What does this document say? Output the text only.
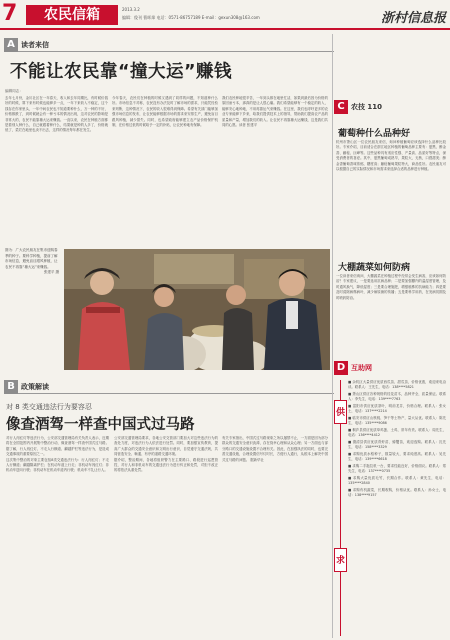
7	农民信箱	2013.3.2
编辑：俊刊 曹晖烽 电话：0571-86757189 E-mail：gexun308@163.com	浙村信息报
A 读者来信
不能让农民靠“撞大运”赚钱
编辑同志：
去年七月份，金川社区在一年春天，收入和去年同期比，有时候价钱好的时候，算下来有时候也能够多一点，一年下来收入不稳定，这个钱存在你家里头，一年中间农民也不知道要种什么，万一种的不好，价格都跌了，到时候就会有一种亏本的情况出现，这对农民的影响是非常大的，农民不能靠撞大运来赚钱。一直以来，农民在种植方面都是看别人种什么，自己就跟着种什么，结果就是种的人多了，价格就低了，菜烂在地里也卖不出去，这样的情况每年都在发生。
今年春天，农民们在种植的时候又遇到了同样的问题，不知道种什么好。市场信息不对称，农民没有办法及时了解市场的需求，只能凭经验来判断，这种情况下，农民的收入很难得到保障。希望有关部门能够加强市场信息的发布，让农民能够根据市场的需求来安排生产，避免盲目跟风种植，减少损失。同时，也希望政府能够建立农产品价格保护机制，在价格过低的时候给予一定的补贴，让农民种地有保障。
我们农民种地很辛苦，一年到头都在地里忙活，如果到最后因为价格的原因而亏本，那真的是让人很心痛。我们希望能够有一个稳定的收入，能够安心地种地，不用再靠运气来赚钱。在这里，我们也呼吁更多的农业专家能够下乡来，给我们提供技术上的指导，帮助我们提高农产品的质量和产量，增加我们的收入。让农民不再靠撞大运赚钱，这是我们共同的心愿。读者 张建平
图为：广大农民朋友在集市选购春季的种子。要科学种植，提前了解市场信息，避免盲目跟风种植，让农民不再靠“撞大运”来赚钱。
张建平 摄
B 政策解读
对 8 类交通违法行为要容忍
像查酒驾一样查中国式过马路
对行人闯红灯等违法行为，公安部交通管理局有关负责人表示，近期将在全国范围内开展集中整治行动，像查酒驾一样查中国式过马路。据了解，行人闯红灯、不走人行横道、翻越护栏等违法行为，是造成交通事故的重要原因之一。
这次集中整治的对象主要包括8类交通违法行为：行人闯红灯；不走人行横道；翻越隔离护栏；在机动车道上行走；非机动车闯红灯；非机动车逆向行驶；非机动车在机动车道内行驶；机动车不礼让行人。
公安部交通管理局要求，各地公安交管部门要加大对这些违法行为的查处力度，对违法行为人依法进行处罚。同时，要加强宣传教育，提高广大群众的交通安全意识和文明出行意识，自觉遵守交通法规，共同营造安全、畅通、有序的道路交通环境。
据介绍，整治期间，各地将组织警力在主要路口、路段进行巡逻管控，对行人和非机动车的交通违法行为进行纠正和处罚，对拒不改正的将依法从重处罚。
有关专家指出，中国式过马路现象之所以屡禁不止，一方面是因为部分群众的交通安全意识淡薄，存在侥幸心理和从众心理；另一方面也与部分路口的交通设施设置不合理有关。因此，在加强执法的同时，也要完善交通设施，合理设置信号灯时长，方便行人通行，从根本上解决中国式过马路的问题。 据新华社
C 农技 110
葡萄种什么品种好
杭州市萧山区一位农民朋友来信，询问种植葡萄应该选择什么品种比较好。专家介绍，目前适合在浙江地区种植的葡萄品种主要有：夏黑、醉金香、藤稔、巨峰等。这些品种具有适应性强、产量高、品质好等特点，深受消费者的喜爱。其中，夏黑葡萄成熟早，果粒大，无核，口感甜美；醉金香葡萄香味浓郁，糖度高；藤稔葡萄果粒特大，商品性好。农民朋友可以根据自己的实际情况和市场需求来选择合适的品种进行种植。
大棚蔬菜如何防病
一位读者来信询问，大棚蔬菜在种植过程中经常会发生病害，应该如何防治？专家建议，一是要选用抗病品种；二是要加强棚内的温湿度管理，及时通风换气，降低湿度；三是要合理施肥，增强植株的抗病能力；四是要及时清除病株病叶，减少病原菌的传播；五是要科学用药，在发病初期及时喷药防治。
D 互助网
供
求
■ 余杭区大量供应优质西瓜苗、甜瓜苗，价格优惠，欢迎来电洽谈。联系人：王先生，电话：138****5821
■ 萧山区供应各种规格的桂花苗木，品种齐全，质量保证。联系人：李先生，电话：139****7763
■ 富阳市供应优质茶叶，明前龙井，价格合理。联系人：张女士，电话：137****2214
■ 临安市供应山核桃、笋干等土特产，量大从优。联系人：陈先生，电话：135****9086
■ 桐庐县供应优质草鸡蛋、土鸡，常年有货。联系人：周先生，电话：136****4412
■ 德清县供应优质青虾苗、螃蟹苗，欢迎选购。联系人：沈先生，电话：158****3329
■ 求购优质水稻种子，数量较大，要求纯度高。联系人：吴先生，电话：139****6618
■ 求购二手拖拉机一台，要求性能良好，价格面议。联系人：郑先生，电话：137****0735
■ 求购大量优质毛竹，长期合作。联系人：黄先生，电话：135****2840
■ 求购有机蔬菜，长期收购，价格从优。联系人：孙女士，电话：138****9157
